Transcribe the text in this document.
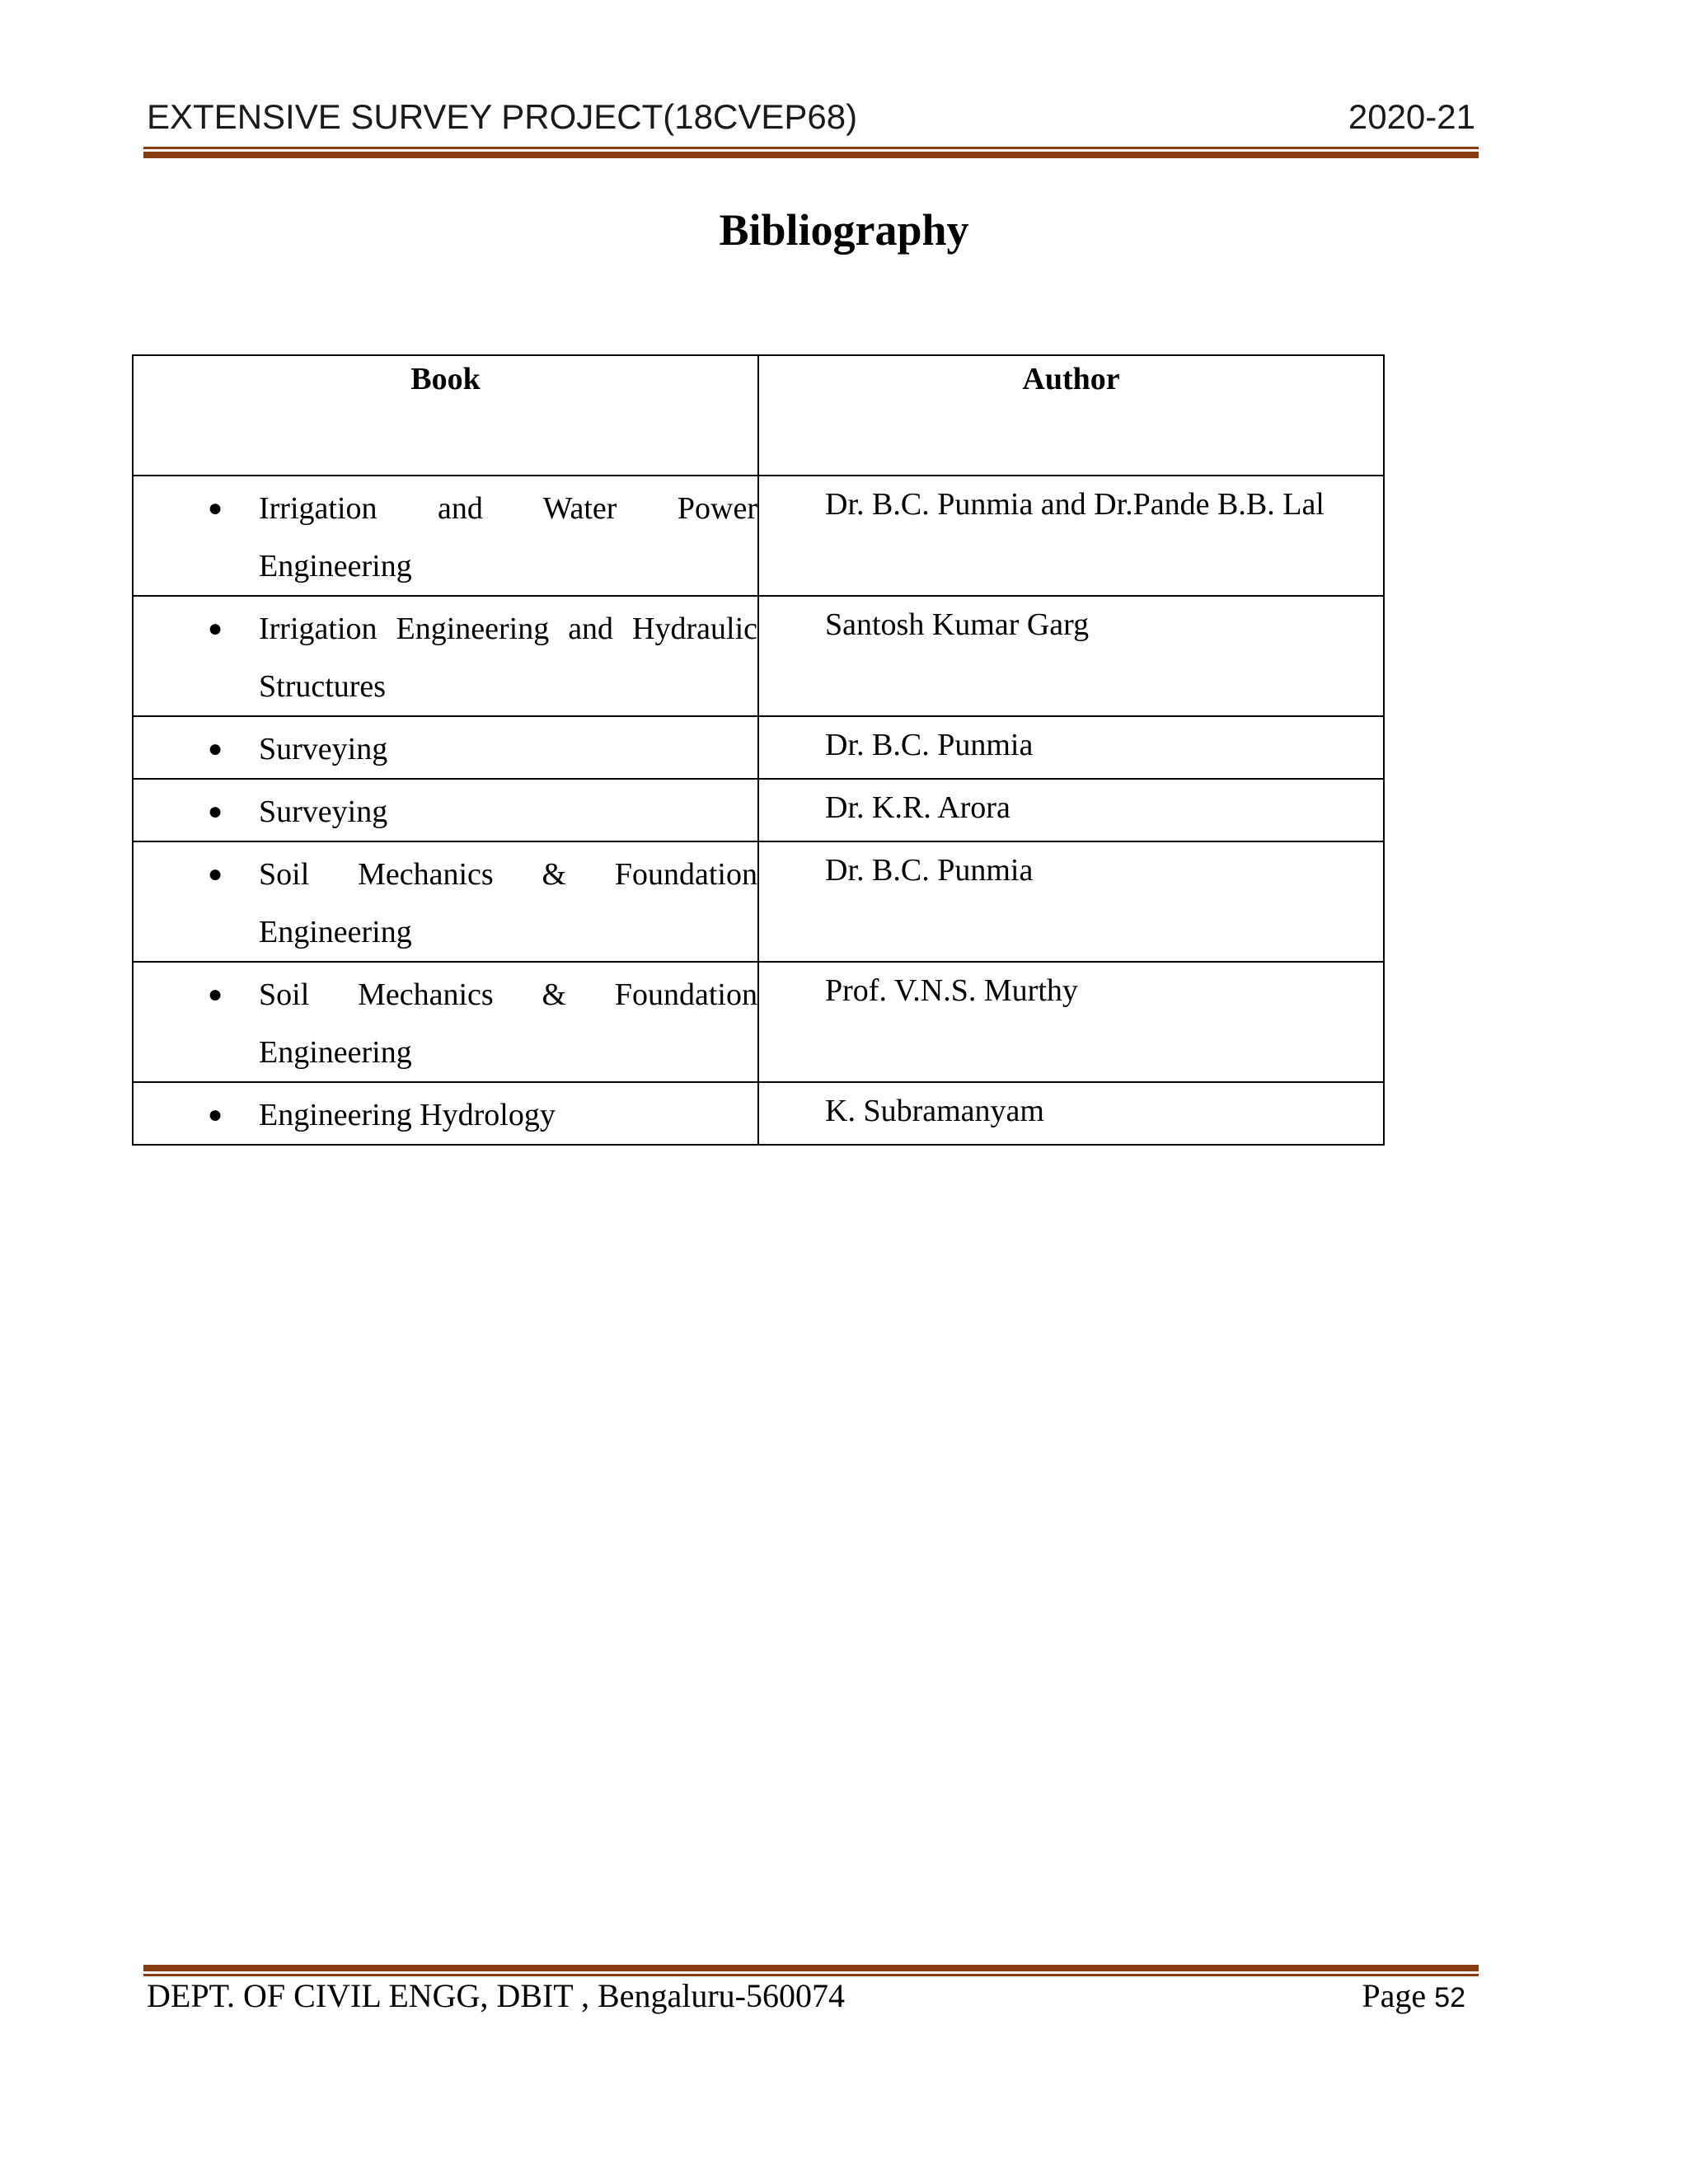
EXTENSIVE SURVEY PROJECT(18CVEP68)	2020-21
Bibliography
Book	Author

● Irrigation and Water Power Engineering	Dr. B.C. Punmia and Dr.Pande B.B. Lal

● Irrigation Engineering and Hydraulic Structures	Santosh Kumar Garg

● Surveying	Dr. B.C. Punmia

● Surveying	Dr. K.R. Arora

● Soil Mechanics & Foundation Engineering	Dr. B.C. Punmia

● Soil Mechanics & Foundation Engineering	Prof. V.N.S. Murthy

● Engineering Hydrology	K. Subramanyam
DEPT. OF CIVIL ENGG, DBIT , Bengaluru-560074	Page 52
